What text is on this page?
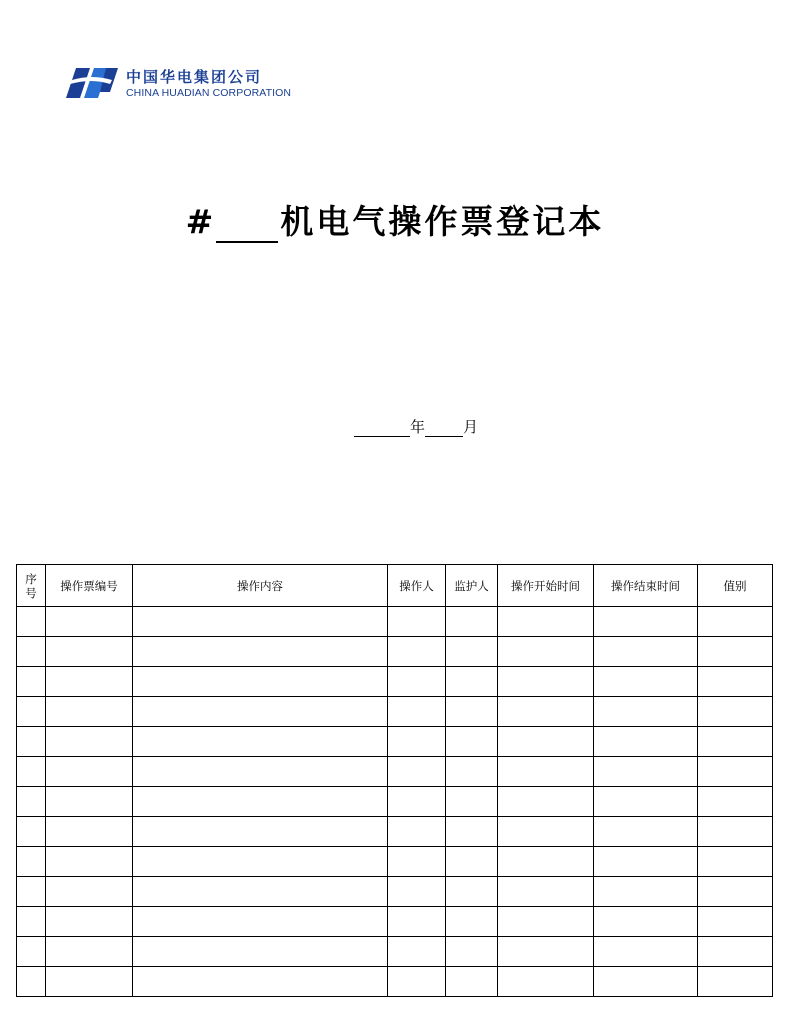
中国华电集团公司
CHINA HUADIAN CORPORATION
# 机电气操作票登记本
年	月
序号	操作票编号	操作内容	操作人	监护人	操作开始时间	操作结束时间	值别
